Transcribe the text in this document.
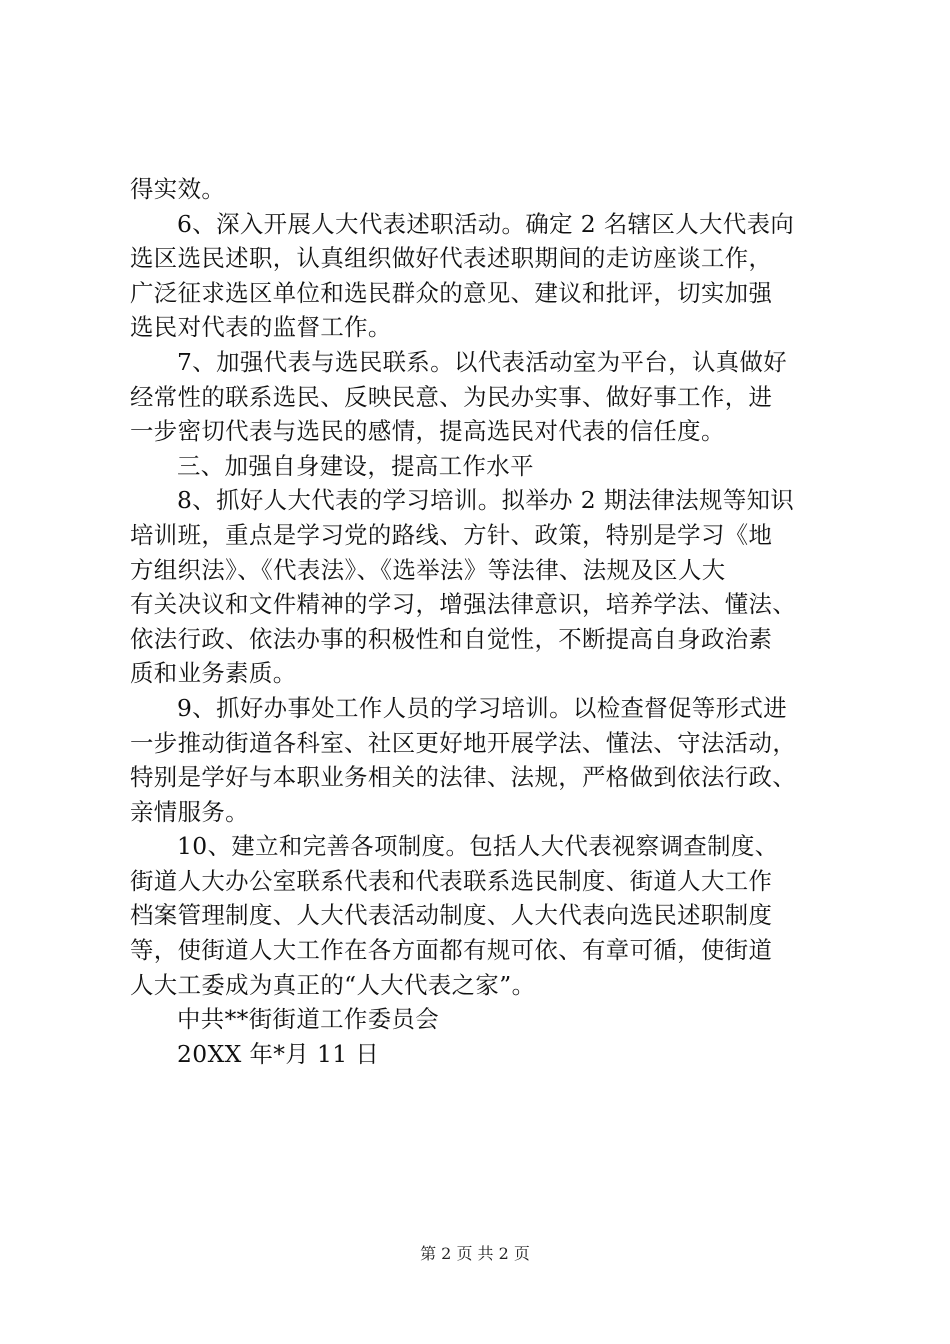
得实效。
6、深入开展人大代表述职活动。确定 2 名辖区人大代表向
选区选民述职，认真组织做好代表述职期间的走访座谈工作，
广泛征求选区单位和选民群众的意见、建议和批评，切实加强
选民对代表的监督工作。
7、加强代表与选民联系。以代表活动室为平台，认真做好
经常性的联系选民、反映民意、为民办实事、做好事工作，进
一步密切代表与选民的感情，提高选民对代表的信任度。
三、加强自身建设，提高工作水平
8、抓好人大代表的学习培训。拟举办 2 期法律法规等知识
培训班，重点是学习党的路线、方针、政策，特别是学习《地
方组织法》、《代表法》、《选举法》等法律、法规及区人大
有关决议和文件精神的学习，增强法律意识，培养学法、懂法、
依法行政、依法办事的积极性和自觉性，不断提高自身政治素
质和业务素质。
9、抓好办事处工作人员的学习培训。以检查督促等形式进
一步推动街道各科室、社区更好地开展学法、懂法、守法活动，
特别是学好与本职业务相关的法律、法规，严格做到依法行政、
亲情服务。
10、建立和完善各项制度。包括人大代表视察调查制度、
街道人大办公室联系代表和代表联系选民制度、街道人大工作
档案管理制度、人大代表活动制度、人大代表向选民述职制度
等，使街道人大工作在各方面都有规可依、有章可循，使街道
人大工委成为真正的“人大代表之家”。
中共**街街道工作委员会
20XX 年*月 11 日
第 2 页 共 2 页
